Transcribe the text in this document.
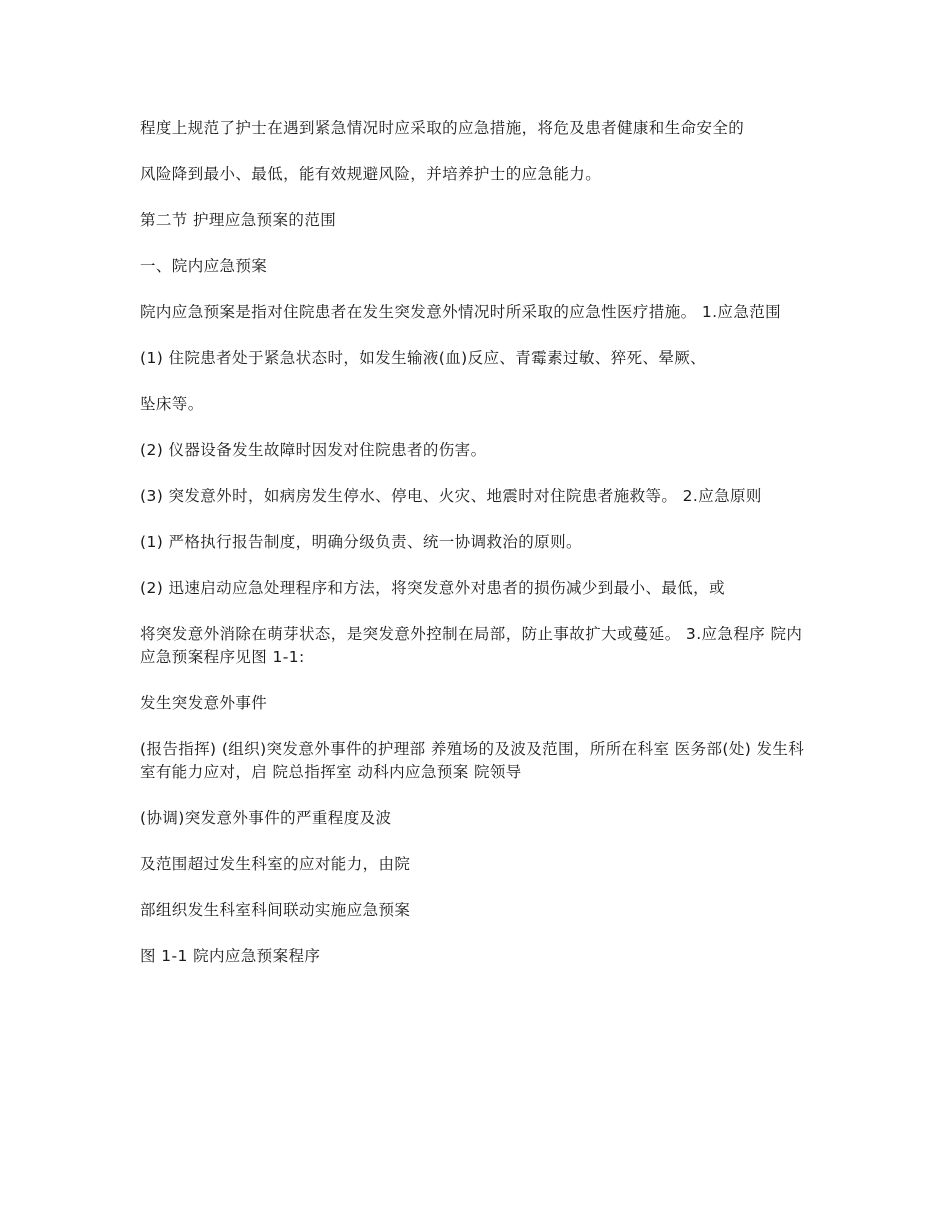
程度上规范了护士在遇到紧急情况时应采取的应急措施，将危及患者健康和生命安全的

风险降到最小、最低，能有效规避风险，并培养护士的应急能力。

第二节 护理应急预案的范围

一、院内应急预案

院内应急预案是指对住院患者在发生突发意外情况时所采取的应急性医疗措施。 1.应急范围

(1) 住院患者处于紧急状态时，如发生输液(血)反应、青霉素过敏、猝死、晕厥、

坠床等。

(2) 仪器设备发生故障时因发对住院患者的伤害。

(3) 突发意外时，如病房发生停水、停电、火灾、地震时对住院患者施救等。 2.应急原则

(1) 严格执行报告制度，明确分级负责、统一协调救治的原则。

(2) 迅速启动应急处理程序和方法，将突发意外对患者的损伤减少到最小、最低，或

将突发意外消除在萌芽状态，是突发意外控制在局部，防止事故扩大或蔓延。 3.应急程序 院内应急预案程序见图 1-1:

发生突发意外事件

(报告指挥) (组织)突发意外事件的护理部 养殖场的及波及范围，所所在科室 医务部(处) 发生科室有能力应对，启 院总指挥室 动科内应急预案 院领导

(协调)突发意外事件的严重程度及波

及范围超过发生科室的应对能力，由院

部组织发生科室科间联动实施应急预案

图 1-1 院内应急预案程序
